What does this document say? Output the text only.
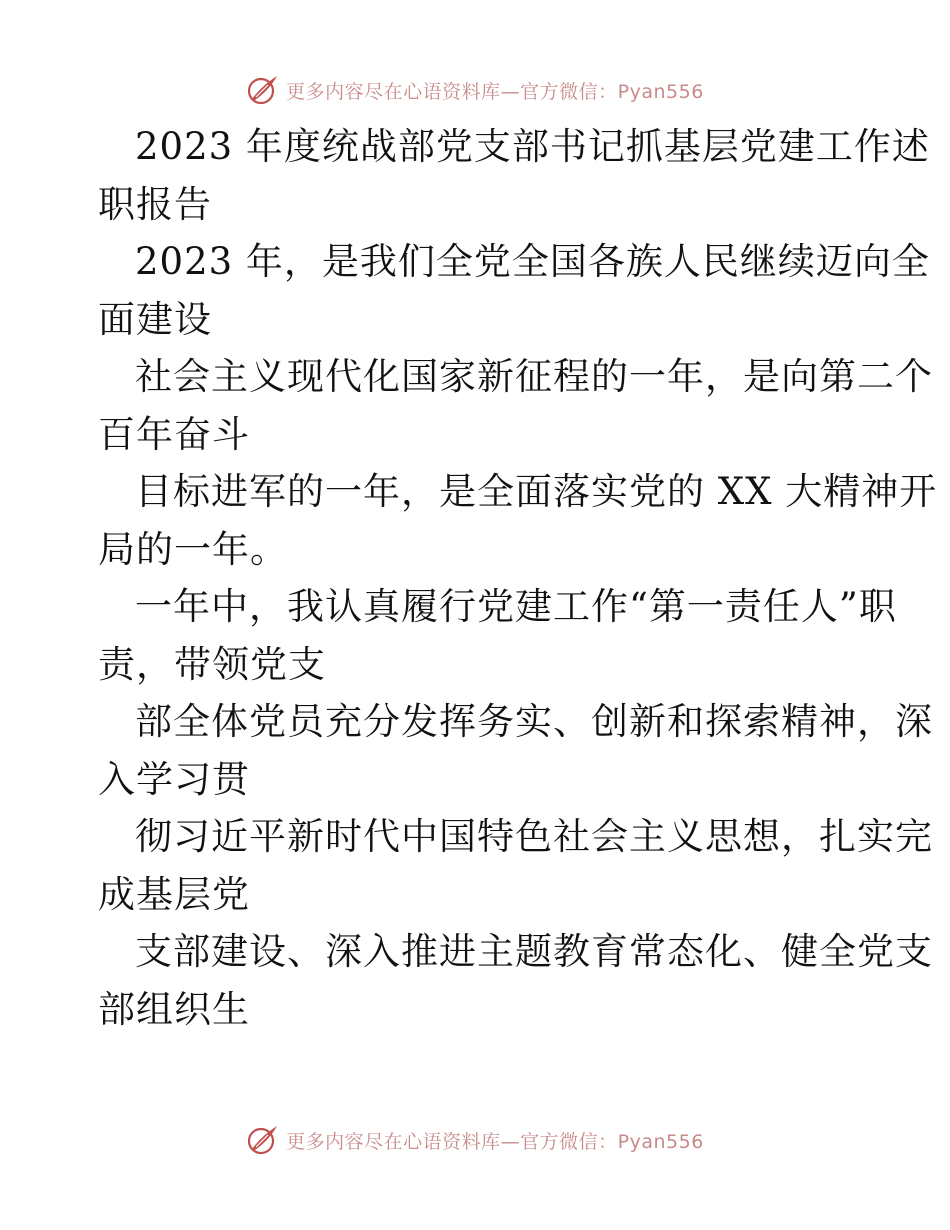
更多内容尽在心语资料库—官方微信：Pyan556
2023 年度统战部党支部书记抓基层党建工作述
职报告
2023 年，是我们全党全国各族人民继续迈向全
面建设
社会主义现代化国家新征程的一年，是向第二个
百年奋斗
目标进军的一年，是全面落实党的 XX 大精神开
局的一年。
一年中，我认真履行党建工作“第一责任人”职
责，带领党支
部全体党员充分发挥务实、创新和探索精神，深
入学习贯
彻习近平新时代中国特色社会主义思想，扎实完
成基层党
支部建设、深入推进主题教育常态化、健全党支
部组织生
更多内容尽在心语资料库—官方微信：Pyan556
